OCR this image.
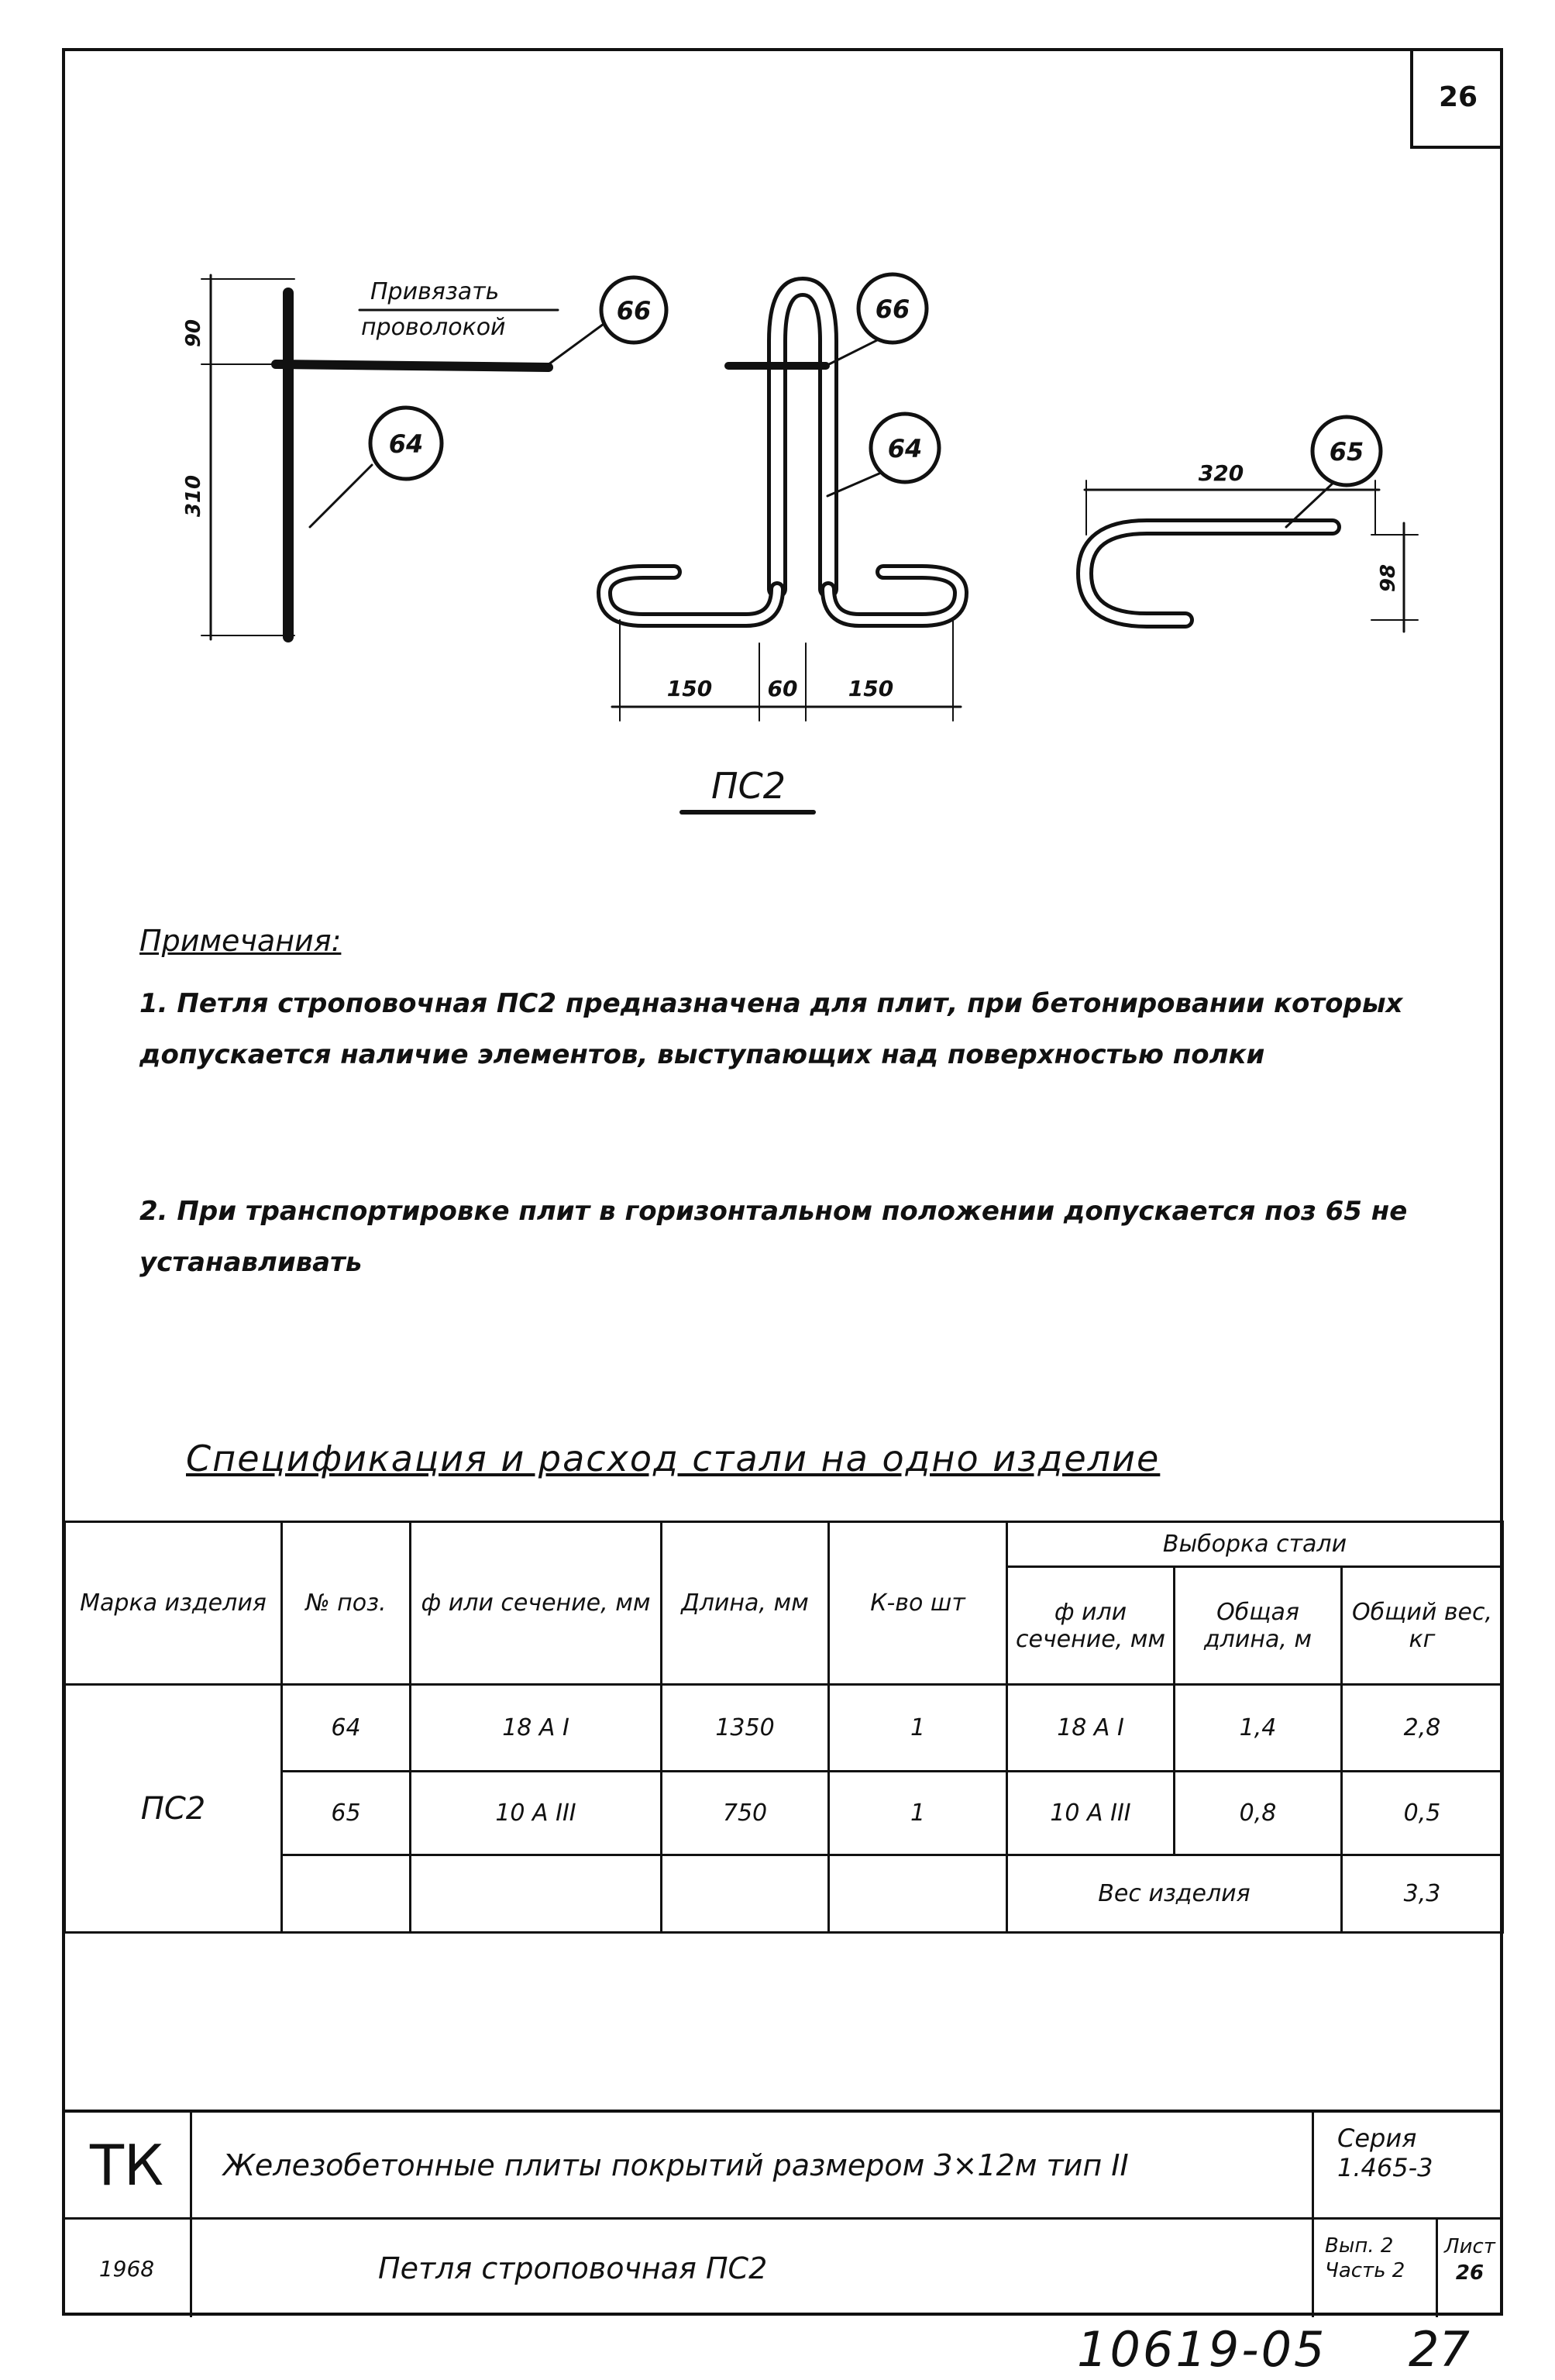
26
66
64
66
64	65
Привязать
проволокой
90
310
150	60 150
320
98
ПС2
Примечания:
1. Петля строповочная ПС2 предназначена для плит, при бетонировании которых допускается наличие элементов, выступающих над поверхностью полки
2. При транспортировке плит в горизонтальном положении допускается поз 65 не устанавливать
Спецификация и расход стали на одно изделие
Марка изделия	№ поз.	ф или сечение, мм	Длина, мм	К-во шт	Выборка стали		
					ф или сечение, мм	Общая длина, м	Общий вес, кг
ПС2	64	18 А I	1350	1	18 А I	1,4	2,8
	65	10 А III	750	1	10 А III	0,8	0,5
					Вес изделия		3,3
ТК
1968
Железобетонные плиты покрытий размером 3×12м тип II
Петля строповочная ПС2
Серия
1.465-3
Вып. 2 Часть 2
Лист
26
10619-05 27
